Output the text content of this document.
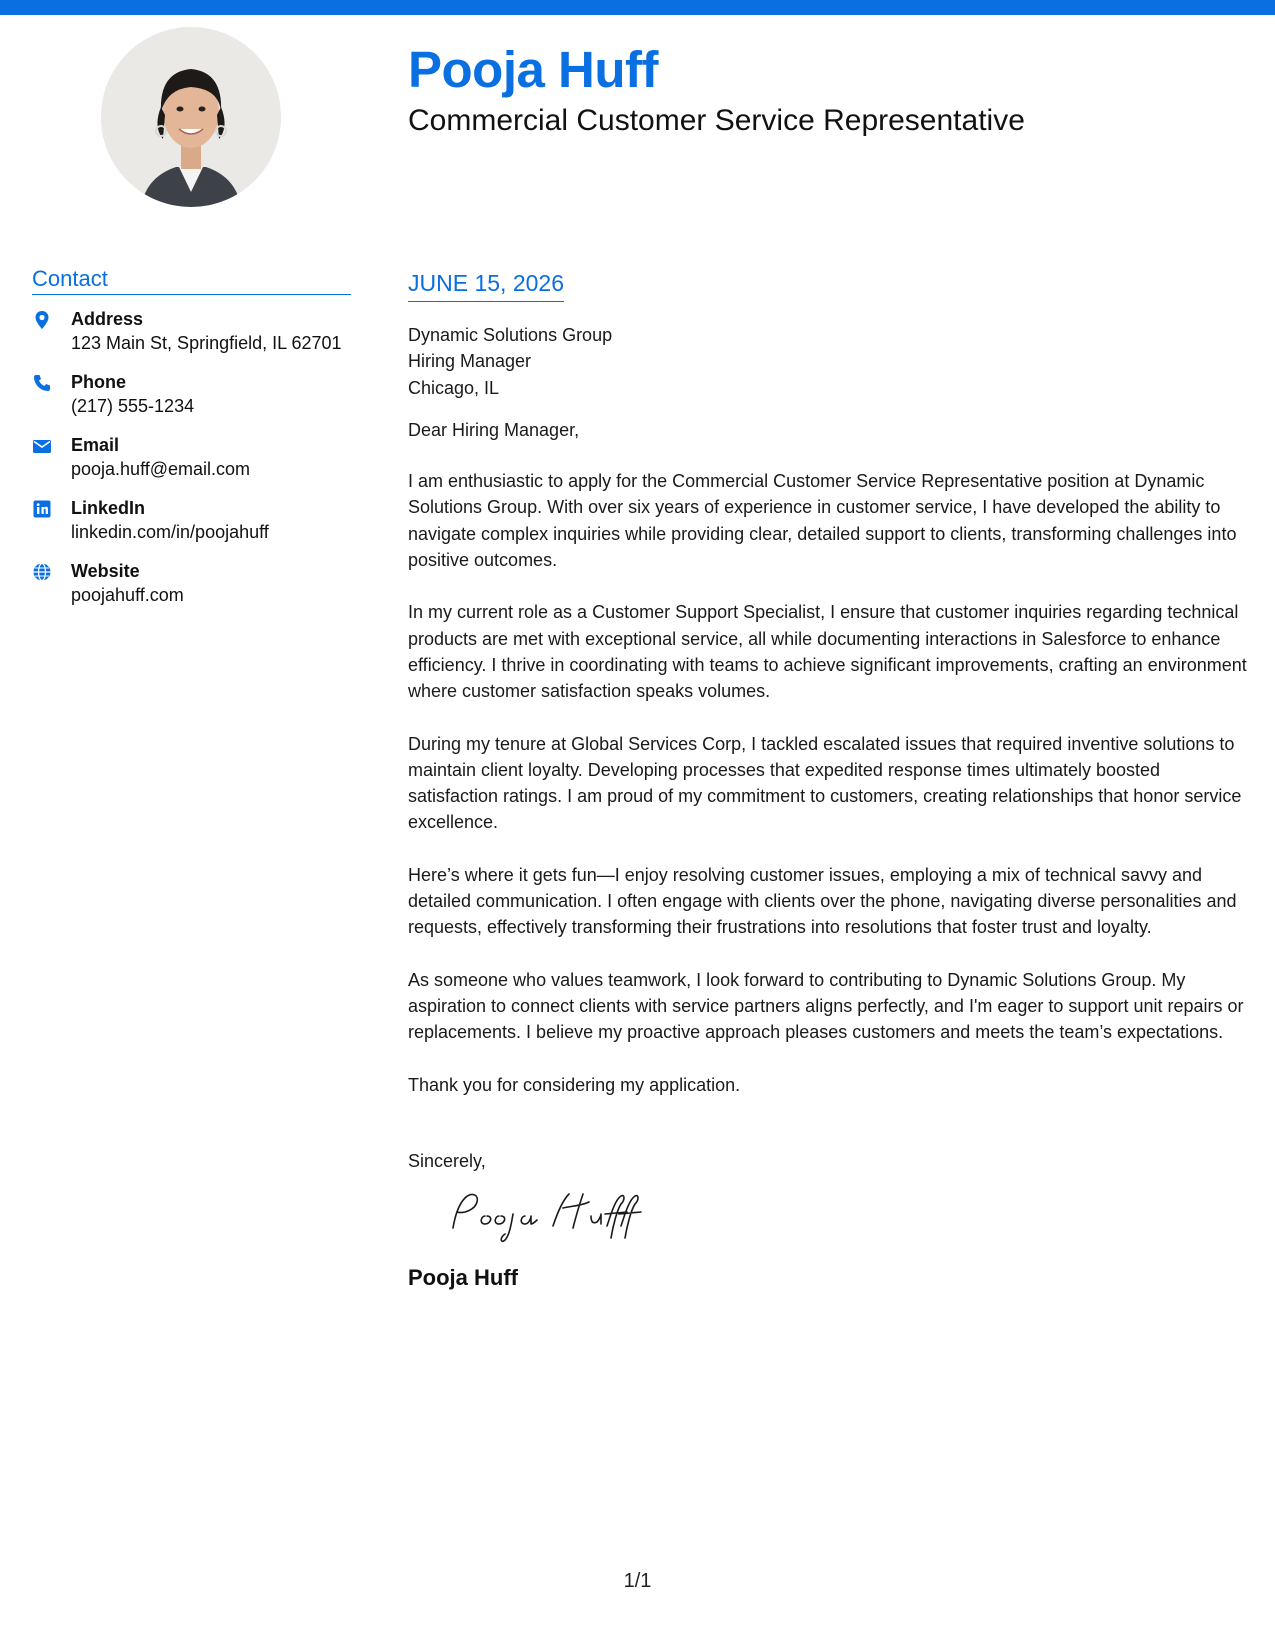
Pooja Huff
Commercial Customer Service Representative
Contact
Address
123 Main St, Springfield, IL 62701
Phone
(217) 555-1234
Email
pooja.huff@email.com
LinkedIn
linkedin.com/in/poojahuff
Website
poojahuff.com
JUNE 15, 2026
Dynamic Solutions Group
Hiring Manager
Chicago, IL

Dear Hiring Manager,

I am enthusiastic to apply for the Commercial Customer Service Representative position at Dynamic Solutions Group. With over six years of experience in customer service, I have developed the ability to navigate complex inquiries while providing clear, detailed support to clients, transforming challenges into positive outcomes.

In my current role as a Customer Support Specialist, I ensure that customer inquiries regarding technical products are met with exceptional service, all while documenting interactions in Salesforce to enhance efficiency. I thrive in coordinating with teams to achieve significant improvements, crafting an environment where customer satisfaction speaks volumes.

During my tenure at Global Services Corp, I tackled escalated issues that required inventive solutions to maintain client loyalty. Developing processes that expedited response times ultimately boosted satisfaction ratings. I am proud of my commitment to customers, creating relationships that honor service excellence.

Here’s where it gets fun—I enjoy resolving customer issues, employing a mix of technical savvy and detailed communication. I often engage with clients over the phone, navigating diverse personalities and requests, effectively transforming their frustrations into resolutions that foster trust and loyalty.

As someone who values teamwork, I look forward to contributing to Dynamic Solutions Group. My aspiration to connect clients with service partners aligns perfectly, and I'm eager to support unit repairs or replacements. I believe my proactive approach pleases customers and meets the team’s expectations.

Thank you for considering my application.

Sincerely,
Pooja Huff
1/1
